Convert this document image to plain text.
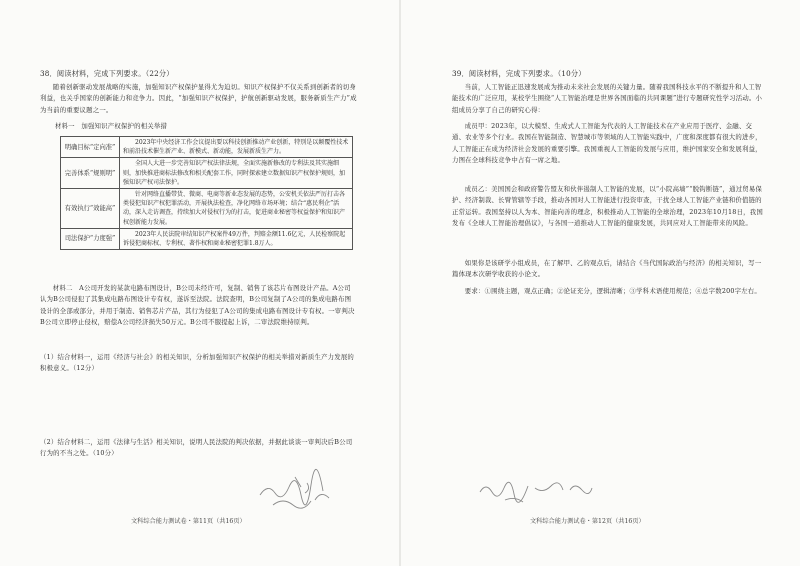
38．阅读材料，完成下列要求。（22分）

随着创新驱动发展战略的实施，加强知识产权保护显得尤为迫切。知识产权保护不仅关系到创新者的切身利益，也关乎国家的创新能力和竞争力。因此，“加强知识产权保护，护航创新驱动发展，服务新质生产力”成为当前的重要议题之一。

材料一　加强知识产权保护的相关举措
明确目标“定向准”	2023年中央经济工作会议提出要以科技创新推动产业创新，特别是以颠覆性技术和前沿技术催生新产业、新模式、新动能，发展新质生产力。
完善体系“规则明”	全国人大进一步完善知识产权法律法规，全面实施新修改的专利法及其实施细则，加快推进商标法修改和相关配套工作，同时探索建立数据知识产权保护规则，加强知识产权司法保护。
有效执行“效能高”	针对网络直播带货、微商、电商等新业态发展的态势，公安机关依法严厉打击各类侵犯知识产权犯罪活动，开展执法检查，净化网络市场环境；结合“惠民利企”活动，深入走访调查，持续加大对侵权行为的打击，促进商业秘密等权益保护和知识产权创新能力发展。
司法保护“力度强”	2023年人民法院审结知识产权案件49万件，判赔金额11.6亿元，人民检察院起诉侵犯商标权、专利权、著作权和商业秘密犯罪1.8万人。

材料二　A公司开发的某款电路布图设计，B公司未经许可，复制、销售了该芯片布图设计产品。A公司认为B公司侵犯了其集成电路布图设计专有权，遂诉至法院。法院查明，B公司复制了A公司的集成电路布图设计的全部或部分，并用于制造、销售芯片产品，其行为侵犯了A公司的集成电路布图设计专有权。一审判决B公司立即停止侵权，赔偿A公司经济损失50万元。B公司不服提起上诉，二审法院维持原判。

（1）结合材料一，运用《经济与社会》的相关知识，分析加强知识产权保护的相关举措对新质生产力发展的积极意义。（12分）

（2）结合材料二，运用《法律与生活》相关知识，说明人民法院的判决依据，并据此谈谈一审判决后B公司行为的不当之处。（10分）

文科综合能力测试卷・第11页（共16页）
39．阅读材料，完成下列要求。（10分）

当前，人工智能正迅速发展成为推动未来社会发展的关键力量。随着我国科技水平的不断提升和人工智能技术的广泛应用，某校学生围绕“人工智能治理是世界各国面临的共同课题”进行专题研究性学习活动。小组成员分享了自己的研究心得：

成员甲：2023年，以大模型、生成式人工智能为代表的人工智能技术在产业应用于医疗、金融、交通、农业等多个行业。我国在智能制造、智慧城市等领域的人工智能实践中，广度和深度都有很大的进步，人工智能正在成为经济社会发展的重要引擎。我国重视人工智能的发展与应用，维护国家安全和发展利益，力图在全球科技竞争中占有一席之地。

成员乙：美国国会和政府警告盟友和伙伴遏制人工智能的发展，以“小院高墙”“脱钩断链”，通过贸易保护、经济制裁、长臂管辖等手段，推动各国对人工智能进行投资审查，干扰全球人工智能产业链和价值链的正常运转。我国坚持以人为本、智能向善的理念，积极推动人工智能的全球治理，2023年10月18日，我国发布《全球人工智能治理倡议》，与各国一道推动人工智能的健康发展，共同应对人工智能带来的风险。

如果你是该研学小组成员，在了解甲、乙的观点后，请结合《当代国际政治与经济》的相关知识，写一篇体现本次研学收获的小论文。

要求：①围绕主题，观点正确；②论证充分，逻辑清晰；③学科术语使用规范；④总字数200字左右。

文科综合能力测试卷・第12页（共16页）
